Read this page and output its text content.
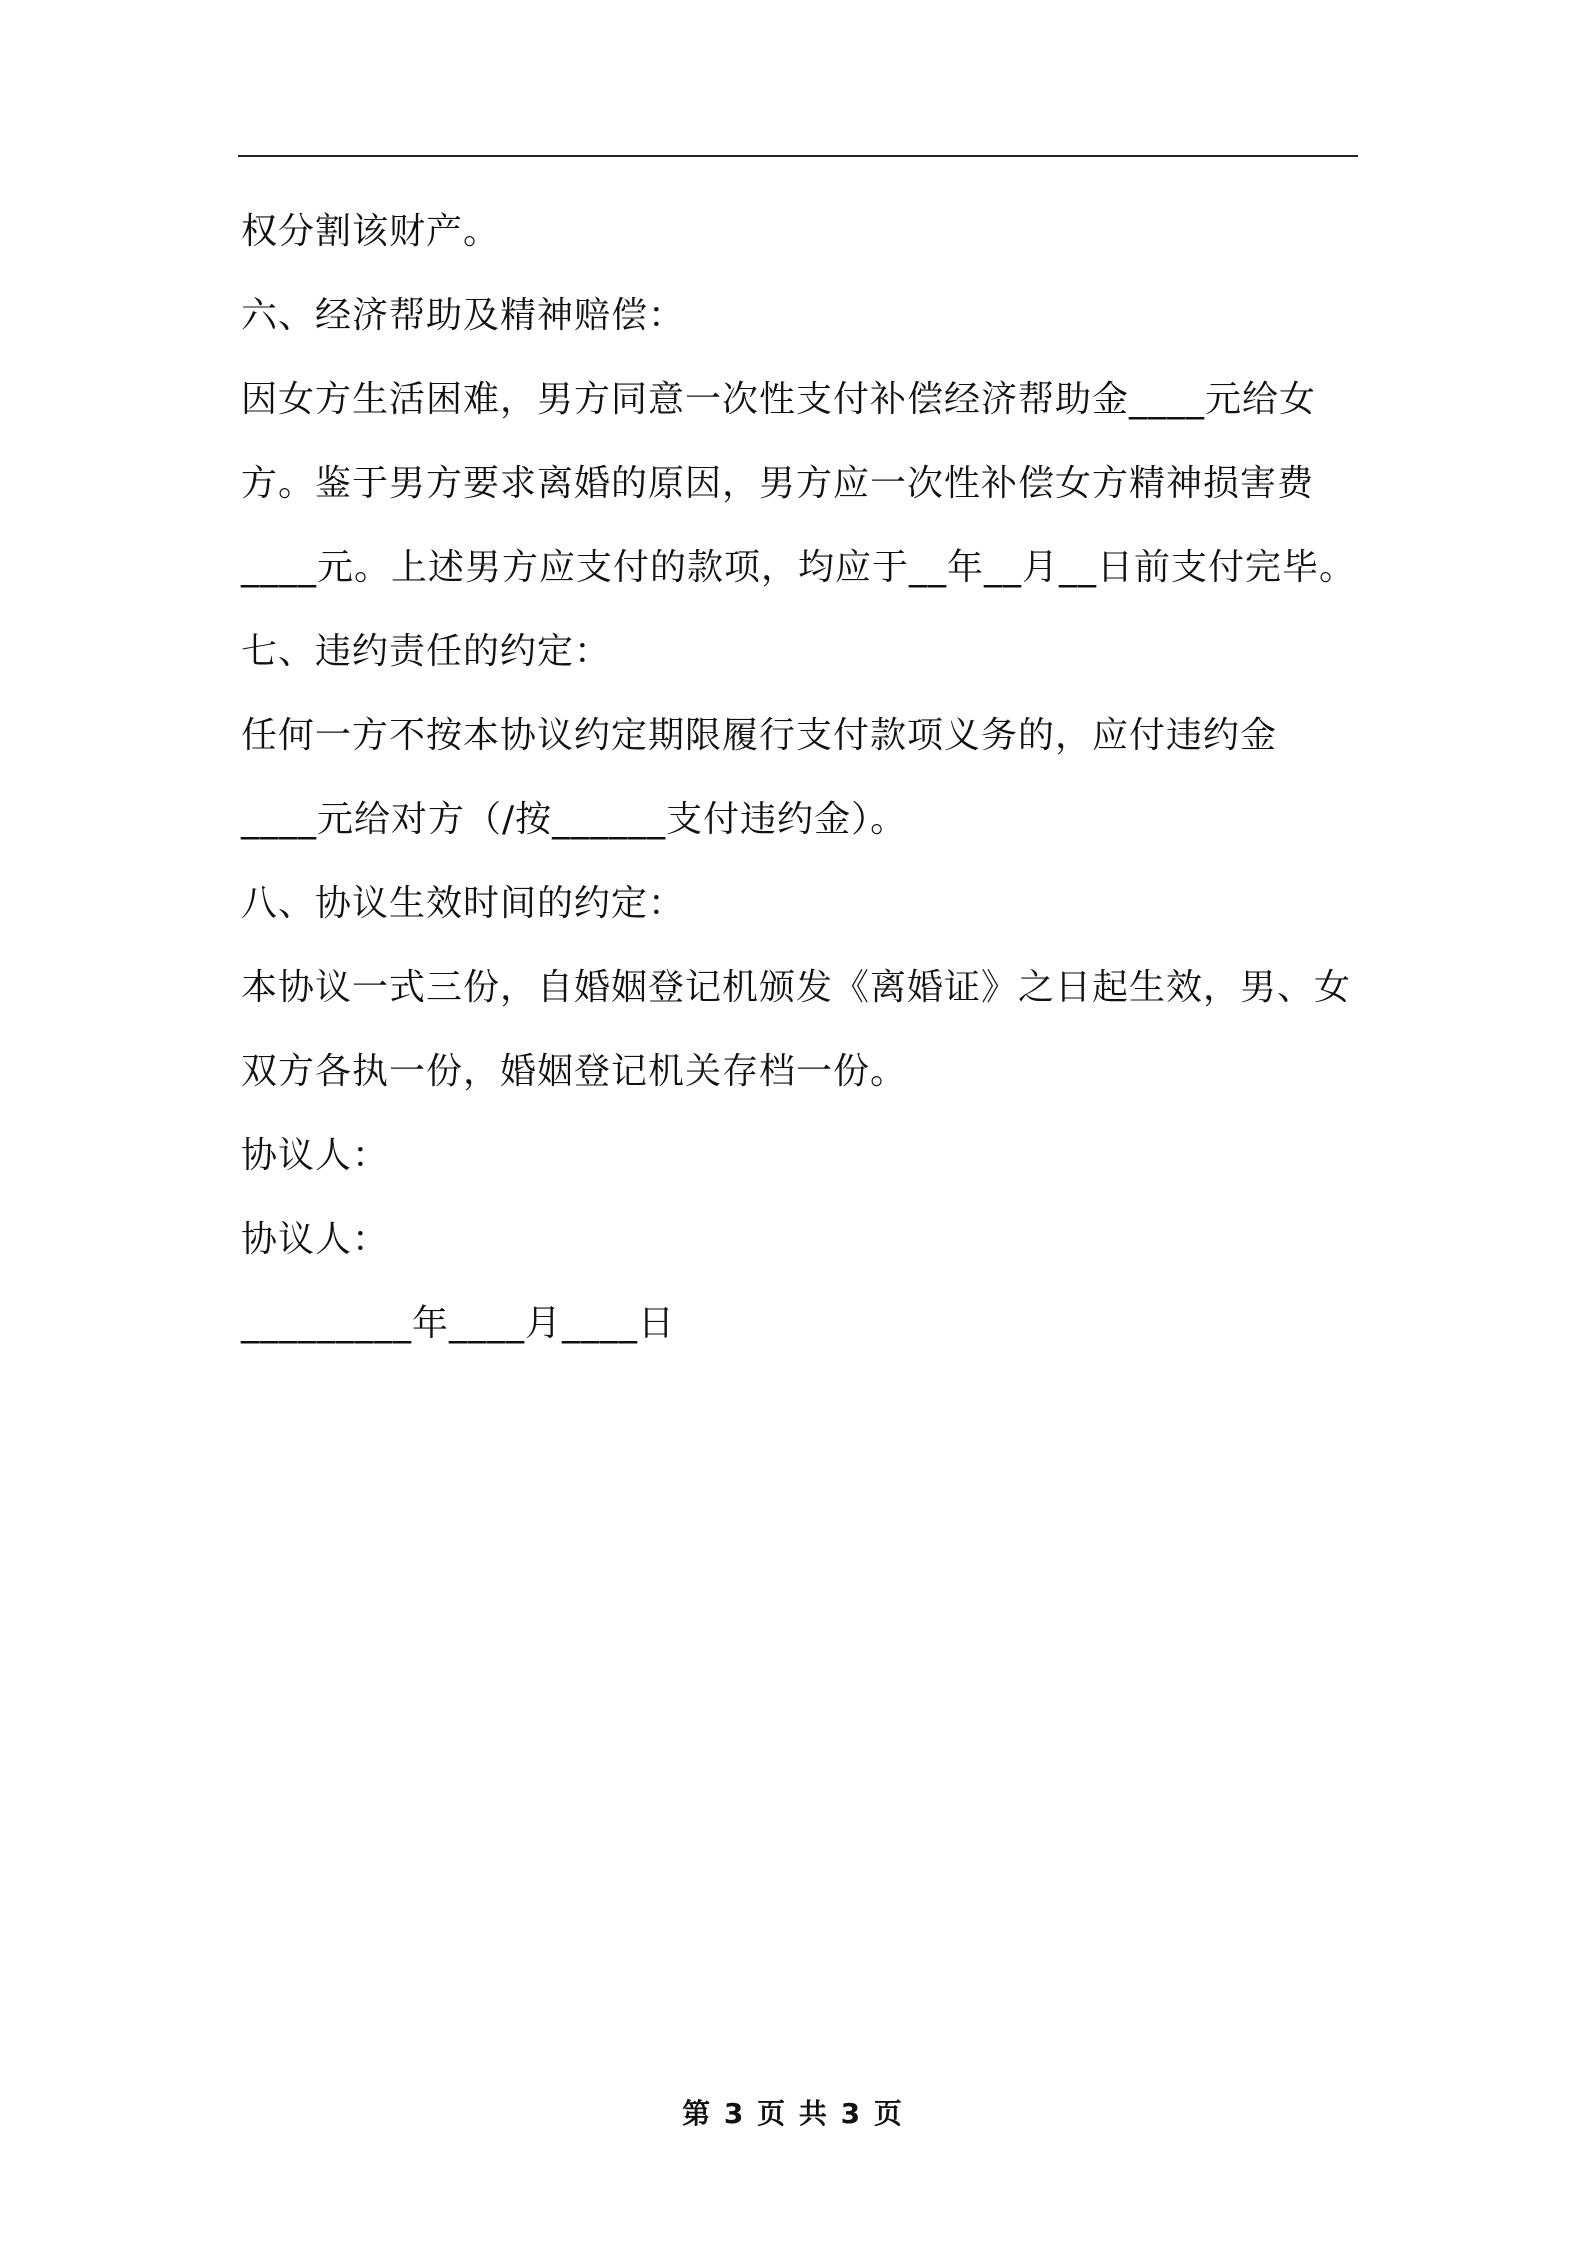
权分割该财产。
六、经济帮助及精神赔偿：
因女方生活困难，男方同意一次性支付补偿经济帮助金____元给女
方。鉴于男方要求离婚的原因，男方应一次性补偿女方精神损害费
____元。上述男方应支付的款项，均应于__年__月__日前支付完毕。
七、违约责任的约定：
任何一方不按本协议约定期限履行支付款项义务的，应付违约金
____元给对方（/按______支付违约金）。
八、协议生效时间的约定：
本协议一式三份，自婚姻登记机颁发《离婚证》之日起生效，男、女
双方各执一份，婚姻登记机关存档一份。
协议人：
协议人：
_________年____月____日
第 3 页 共 3 页
